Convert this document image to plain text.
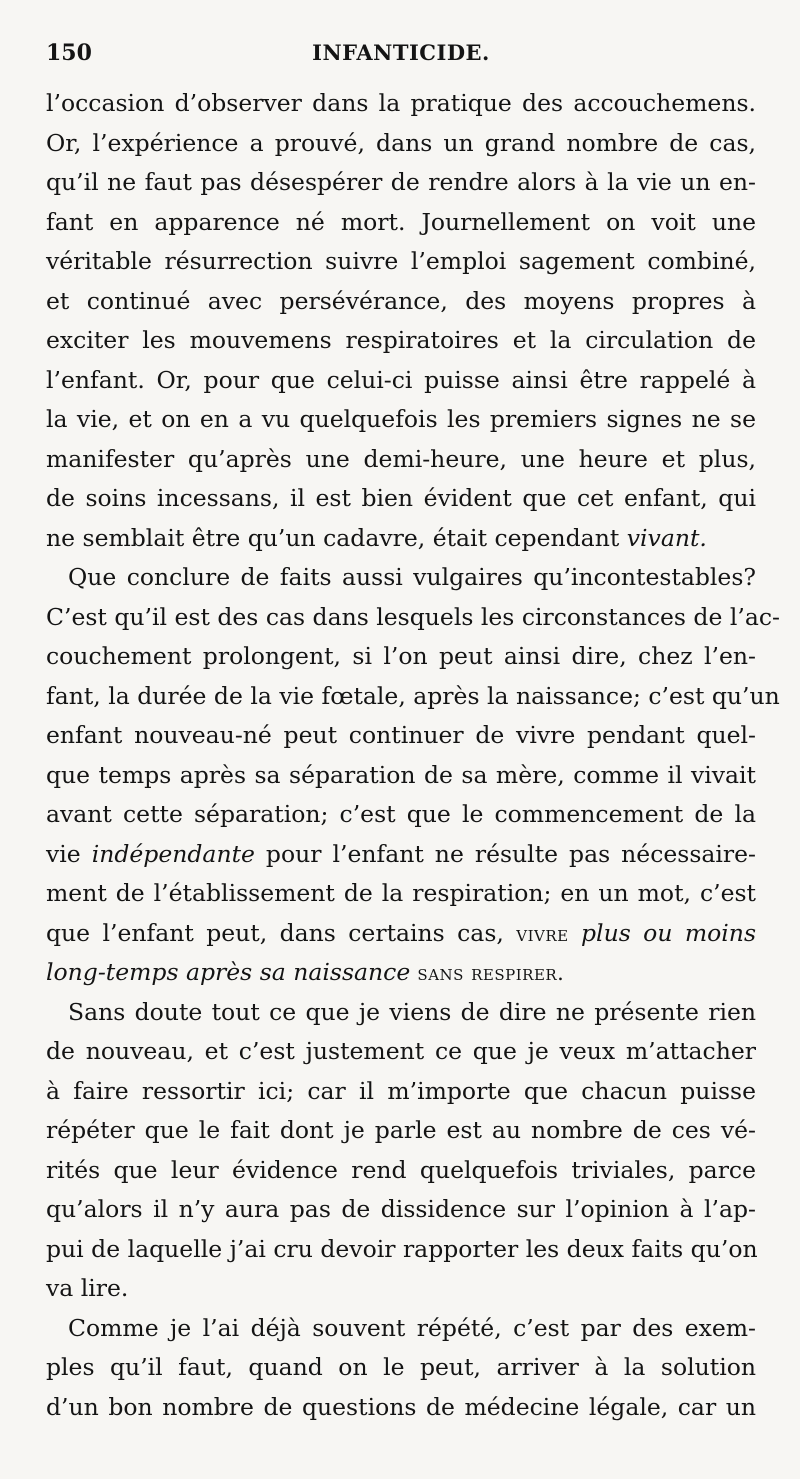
150	INFANTICIDE.
l’occasion d’observer dans la pratique des accouchemens.
Or, l’expérience a prouvé, dans un grand nombre de cas,
qu’il ne faut pas désespérer de rendre alors à la vie un en-
fant en apparence né mort. Journellement on voit une
véritable résurrection suivre l’emploi sagement combiné,
et continué avec persévérance, des moyens propres à
exciter les mouvemens respiratoires et la circulation de
l’enfant. Or, pour que celui-ci puisse ainsi être rappelé à
la vie, et on en a vu quelquefois les premiers signes ne se
manifester qu’après une demi-heure, une heure et plus,
de soins incessans, il est bien évident que cet enfant, qui
ne semblait être qu’un cadavre, était cependant vivant.
Que conclure de faits aussi vulgaires qu’incontestables?
C’est qu’il est des cas dans lesquels les circonstances de l’ac-
couchement prolongent, si l’on peut ainsi dire, chez l’en-
fant, la durée de la vie fœtale, après la naissance; c’est qu’un
enfant nouveau-né peut continuer de vivre pendant quel-
que temps après sa séparation de sa mère, comme il vivait
avant cette séparation; c’est que le commencement de la
vie indépendante pour l’enfant ne résulte pas nécessaire-
ment de l’établissement de la respiration; en un mot, c’est
que l’enfant peut, dans certains cas, vivre plus ou moins
long-temps après sa naissance sans respirer.
Sans doute tout ce que je viens de dire ne présente rien
de nouveau, et c’est justement ce que je veux m’attacher
à faire ressortir ici; car il m’importe que chacun puisse
répéter que le fait dont je parle est au nombre de ces vé-
rités que leur évidence rend quelquefois triviales, parce
qu’alors il n’y aura pas de dissidence sur l’opinion à l’ap-
pui de laquelle j’ai cru devoir rapporter les deux faits qu’on
va lire.
Comme je l’ai déjà souvent répété, c’est par des exem-
ples qu’il faut, quand on le peut, arriver à la solution
d’un bon nombre de questions de médecine légale, car un
